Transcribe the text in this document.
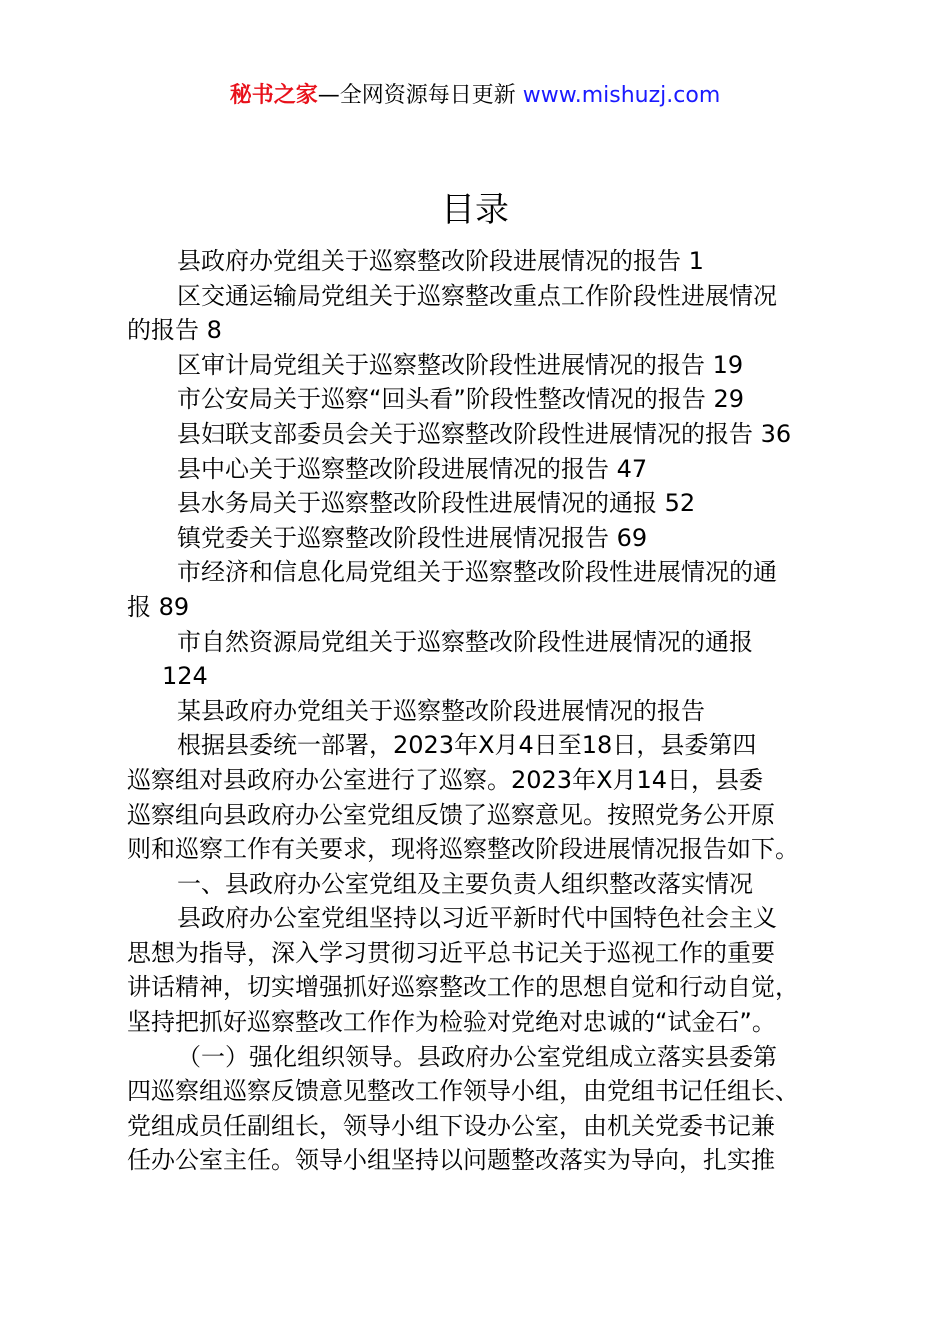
秘书之家—全网资源每日更新 www.mishuzj.com
目录
县政府办党组关于巡察整改阶段进展情况的报告 1
区交通运输局党组关于巡察整改重点工作阶段性进展情况
的报告 8
区审计局党组关于巡察整改阶段性进展情况的报告 19
市公安局关于巡察“回头看”阶段性整改情况的报告 29
县妇联支部委员会关于巡察整改阶段性进展情况的报告 36
县中心关于巡察整改阶段进展情况的报告 47
县水务局关于巡察整改阶段性进展情况的通报 52
镇党委关于巡察整改阶段性进展情况报告 69
市经济和信息化局党组关于巡察整改阶段性进展情况的通
报 89
市自然资源局党组关于巡察整改阶段性进展情况的通报
124
某县政府办党组关于巡察整改阶段进展情况的报告
根据县委统一部署，2023年X月4日至18日，县委第四
巡察组对县政府办公室进行了巡察。2023年X月14日，县委
巡察组向县政府办公室党组反馈了巡察意见。按照党务公开原
则和巡察工作有关要求，现将巡察整改阶段进展情况报告如下。
一、县政府办公室党组及主要负责人组织整改落实情况
县政府办公室党组坚持以习近平新时代中国特色社会主义
思想为指导，深入学习贯彻习近平总书记关于巡视工作的重要
讲话精神，切实增强抓好巡察整改工作的思想自觉和行动自觉，
坚持把抓好巡察整改工作作为检验对党绝对忠诚的“试金石”。
（一）强化组织领导。县政府办公室党组成立落实县委第
四巡察组巡察反馈意见整改工作领导小组，由党组书记任组长、
党组成员任副组长，领导小组下设办公室，由机关党委书记兼
任办公室主任。领导小组坚持以问题整改落实为导向，扎实推
